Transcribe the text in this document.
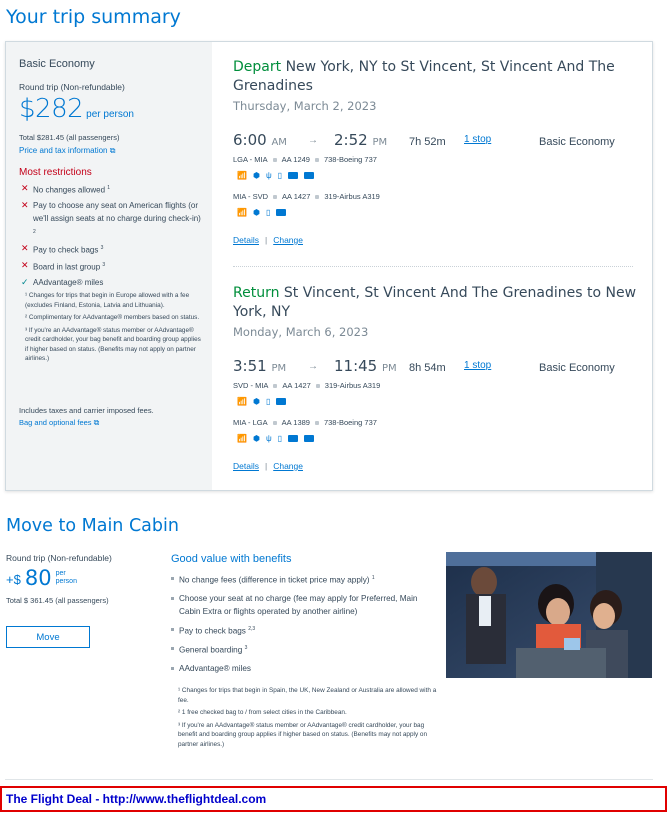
Your trip summary
Basic Economy
Round trip (Non-refundable)
$282 per person
Total $281.45 (all passengers)
Price and tax information ⧉
Most restrictions
✕ No changes allowed $^1$
✕ Pay to choose any seat on American flights (or we'll assign seats at no charge during check-in) $^2$
✕ Pay to check bags $^3$
✕ Board in last group $^3$
✓ AAdvantage® miles

¹ Changes for trips that begin in Europe allowed with a fee (excludes Finland, Estonia, Latvia and Lithuania).

² Complimentary for AAdvantage® members based on status.

³ If you're an AAdvantage® status member or AAdvantage® credit cardholder, your bag benefit and boarding group applies if higher based on status. (Benefits may not apply on partner airlines.)

Includes taxes and carrier imposed fees.
Bag and optional fees ⧉
Depart New York, NY to St Vincent, St Vincent And The Grenadines
Thursday, March 2, 2023
6:00 AM → 2:52 PM 7h 52m 1 stop	Basic Economy
LGA - MIA AA 1249 738-Boeing 737
📶 ⬢ ψ ▯
MIA - SVD AA 1427 319-Airbus A319
📶 ⬢ ▯
Details | Change
Return St Vincent, St Vincent And The Grenadines to New York, NY
Monday, March 6, 2023
3:51 PM → 11:45 PM 8h 54m 1 stop	Basic Economy
SVD - MIA AA 1427 319-Airbus A319
📶 ⬢ ▯
MIA - LGA AA 1389 738-Boeing 737
📶 ⬢ ψ ▯
Details | Change
Move to Main Cabin
Round trip (Non-refundable)
+$ 80 per
person
Total $ 361.45 (all passengers)
Move
Good value with benefits
No change fees (difference in ticket price may apply) $^1$
Choose your seat at no charge (fee may apply for Preferred, Main Cabin Extra or flights operated by another airline)
Pay to check bags $^{2,3}$
General boarding $^3$
AAdvantage® miles

¹ Changes for trips that begin in Spain, the UK, New Zealand or Australia are allowed with a fee.

² 1 free checked bag to / from select cities in the Caribbean.

³ If you're an AAdvantage® status member or AAdvantage® credit cardholder, your bag benefit and boarding group applies if higher based on status. (Benefits may not apply on partner airlines.)

The Flight Deal - http://www.theflightdeal.com
